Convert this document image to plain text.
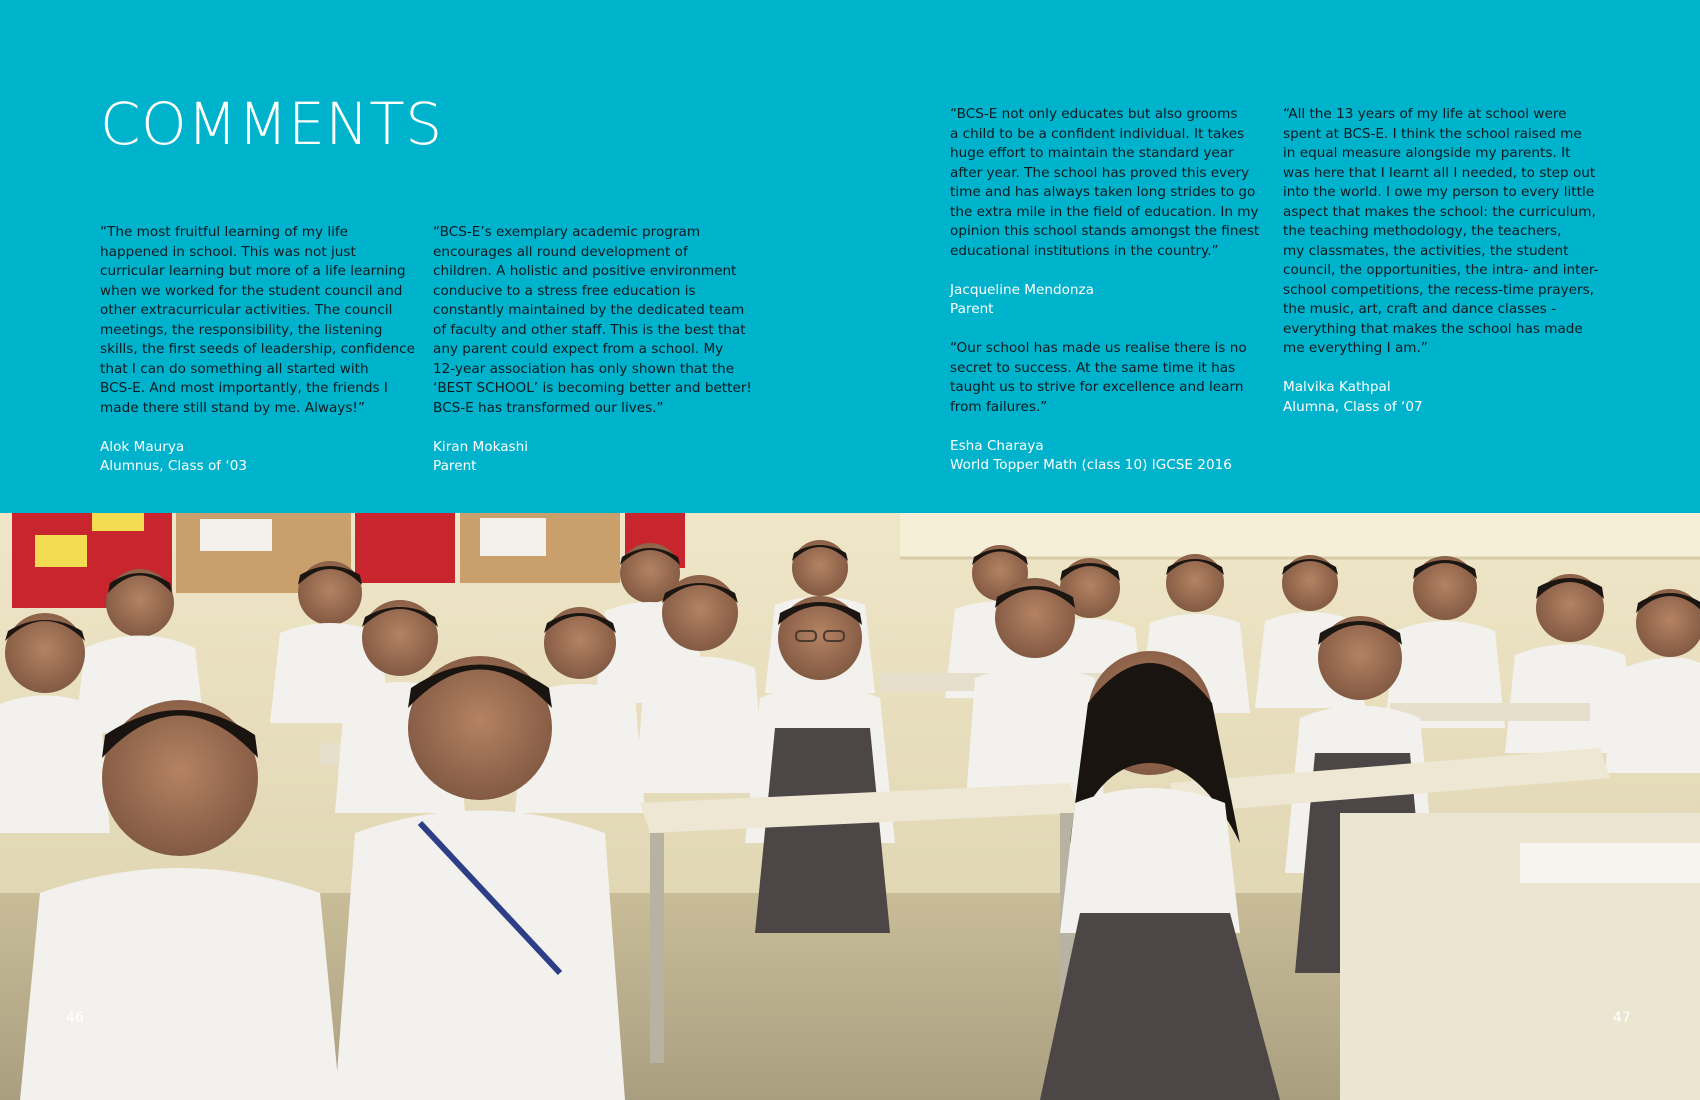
COMMENTS

“The most fruitful learning of my life
happened in school. This was not just
curricular learning but more of a life learning
when we worked for the student council and
other extracurricular activities. The council
meetings, the responsibility, the listening
skills, the first seeds of leadership, confidence
that I can do something all started with
BCS-E. And most importantly, the friends I
made there still stand by me. Always!”

Alok Maurya
Alumnus, Class of ‘03

“BCS-E’s exemplary academic program
encourages all round development of
children. A holistic and positive environment
conducive to a stress free education is
constantly maintained by the dedicated team
of faculty and other staff. This is the best that
any parent could expect from a school. My
12-year association has only shown that the
‘BEST SCHOOL’ is becoming better and better!
BCS-E has transformed our lives.”

Kiran Mokashi
Parent

“BCS-E not only educates but also grooms
a child to be a confident individual. It takes
huge effort to maintain the standard year
after year. The school has proved this every
time and has always taken long strides to go
the extra mile in the field of education. In my
opinion this school stands amongst the finest
educational institutions in the country.”

Jacqueline Mendonza
Parent

“Our school has made us realise there is no
secret to success. At the same time it has
taught us to strive for excellence and learn
from failures.”

Esha Charaya
World Topper Math (class 10) IGCSE 2016

“All the 13 years of my life at school were
spent at BCS-E. I think the school raised me
in equal measure alongside my parents. It
was here that I learnt all I needed, to step out
into the world. I owe my person to every little
aspect that makes the school: the curriculum,
the teaching methodology, the teachers,
my classmates, the activities, the student
council, the opportunities, the intra- and inter-
school competitions, the recess-time prayers,
the music, art, craft and dance classes -
everything that makes the school has made
me everything I am.”

Malvika Kathpal
Alumna, Class of ‘07
46	47
